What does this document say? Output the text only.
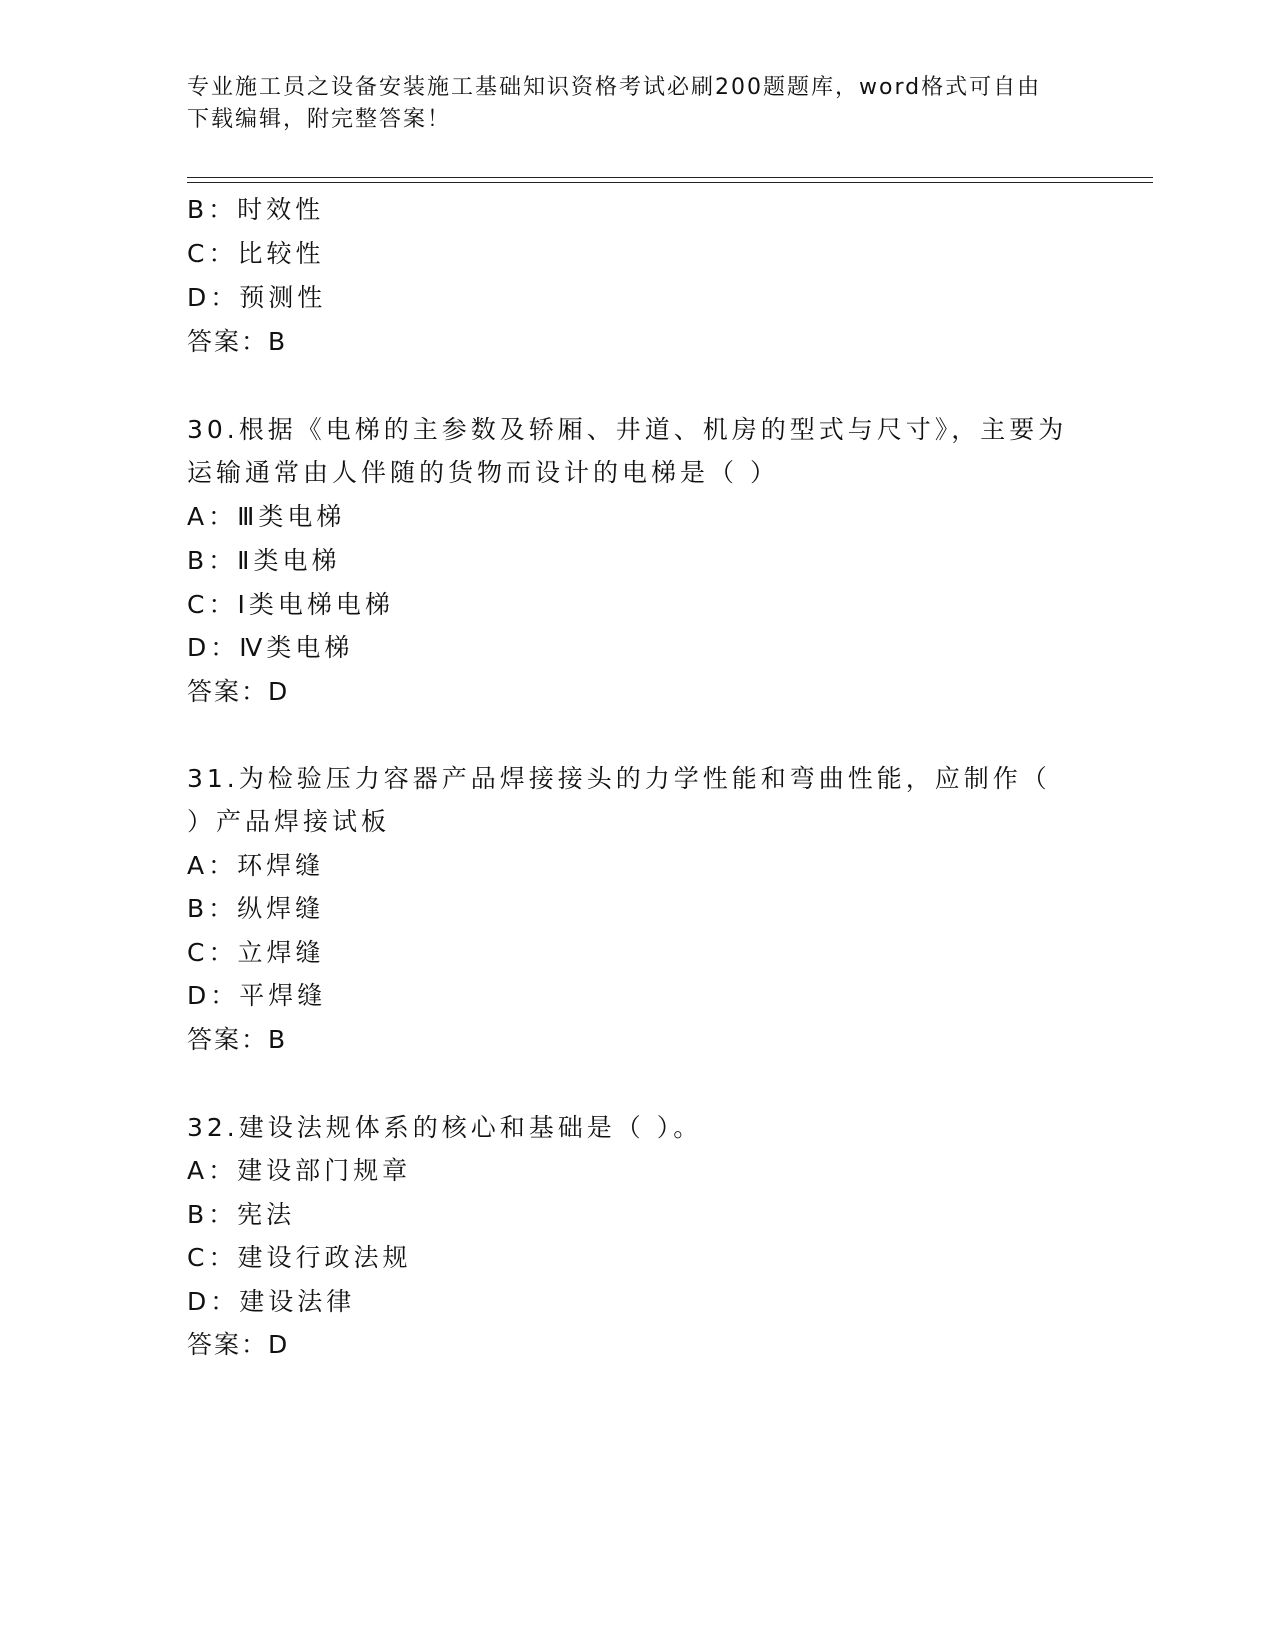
专业施工员之设备安装施工基础知识资格考试必刷200题题库，word格式可自由
下载编辑，附完整答案！
B：时效性
C：比较性
D：预测性
答案：B
30.根据《电梯的主参数及轿厢、井道、机房的型式与尺寸》，主要为
运输通常由人伴随的货物而设计的电梯是（ ）
A：Ⅲ类电梯
B：Ⅱ类电梯
C：Ⅰ类电梯电梯
D：Ⅳ类电梯
答案：D
31.为检验压力容器产品焊接接头的力学性能和弯曲性能，应制作（
）产品焊接试板
A：环焊缝
B：纵焊缝
C：立焊缝
D：平焊缝
答案：B
32.建设法规体系的核心和基础是（ ）。
A：建设部门规章
B：宪法
C：建设行政法规
D：建设法律
答案：D
